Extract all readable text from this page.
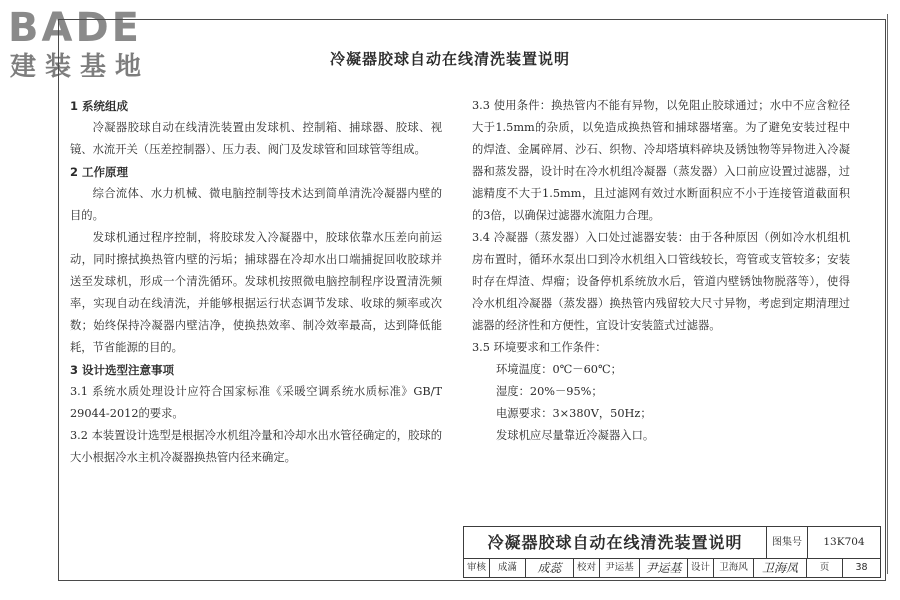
BADE
建装基地	冷凝器胶球自动在线清洗装置说明

1 系统组成

冷凝器胶球自动在线清洗装置由发球机、控制箱、捕球器、胶球、视镜、水流开关（压差控制器）、压力表、阀门及发球管和回球管等组成。

2 工作原理

综合流体、水力机械、微电脑控制等技术达到简单清洗冷凝器内壁的目的。

发球机通过程序控制，将胶球发入冷凝器中，胶球依靠水压差向前运动，同时擦拭换热管内壁的污垢；捕球器在冷却水出口端捕捉回收胶球并送至发球机，形成一个清洗循环。发球机按照微电脑控制程序设置清洗频率，实现自动在线清洗，并能够根据运行状态调节发球、收球的频率或次数；始终保持冷凝器内壁洁净，使换热效率、制冷效率最高，达到降低能耗，节省能源的目的。

3 设计选型注意事项

3.1 系统水质处理设计应符合国家标准《采暖空调系统水质标准》GB/T 29044-2012的要求。

3.2 本装置设计选型是根据冷水机组冷量和冷却水出水管径确定的，胶球的大小根据冷水主机冷凝器换热管内径来确定。

3.3 使用条件：换热管内不能有异物，以免阻止胶球通过；水中不应含粒径大于1.5mm的杂质，以免造成换热管和捕球器堵塞。为了避免安装过程中的焊渣、金属碎屑、沙石、织物、冷却塔填料碎块及锈蚀物等异物进入冷凝器和蒸发器，设计时在冷水机组冷凝器（蒸发器）入口前应设置过滤器，过滤精度不大于1.5mm，且过滤网有效过水断面积应不小于连接管道截面积的3倍，以确保过滤器水流阻力合理。

3.4 冷凝器（蒸发器）入口处过滤器安装：由于各种原因（例如冷水机组机房布置时，循环水泵出口到冷水机组入口管线较长，弯管或支管较多；安装时存在焊渣、焊瘤；设备停机系统放水后，管道内壁锈蚀物脱落等），使得冷水机组冷凝器（蒸发器）换热管内残留较大尺寸异物，考虑到定期清理过滤器的经济性和方便性，宜设计安装篮式过滤器。

3.5 环境要求和工作条件：

环境温度：0℃－60℃；

湿度：20%－95%；

电源要求：3×380V，50Hz；

发球机应尽量靠近冷凝器入口。

冷凝器胶球自动在线清洗装置说明	图集号	13K704
审核	成滿	成蕊	校对 尹运基 尹运基 设计 卫海风	卫海凤	页	38
